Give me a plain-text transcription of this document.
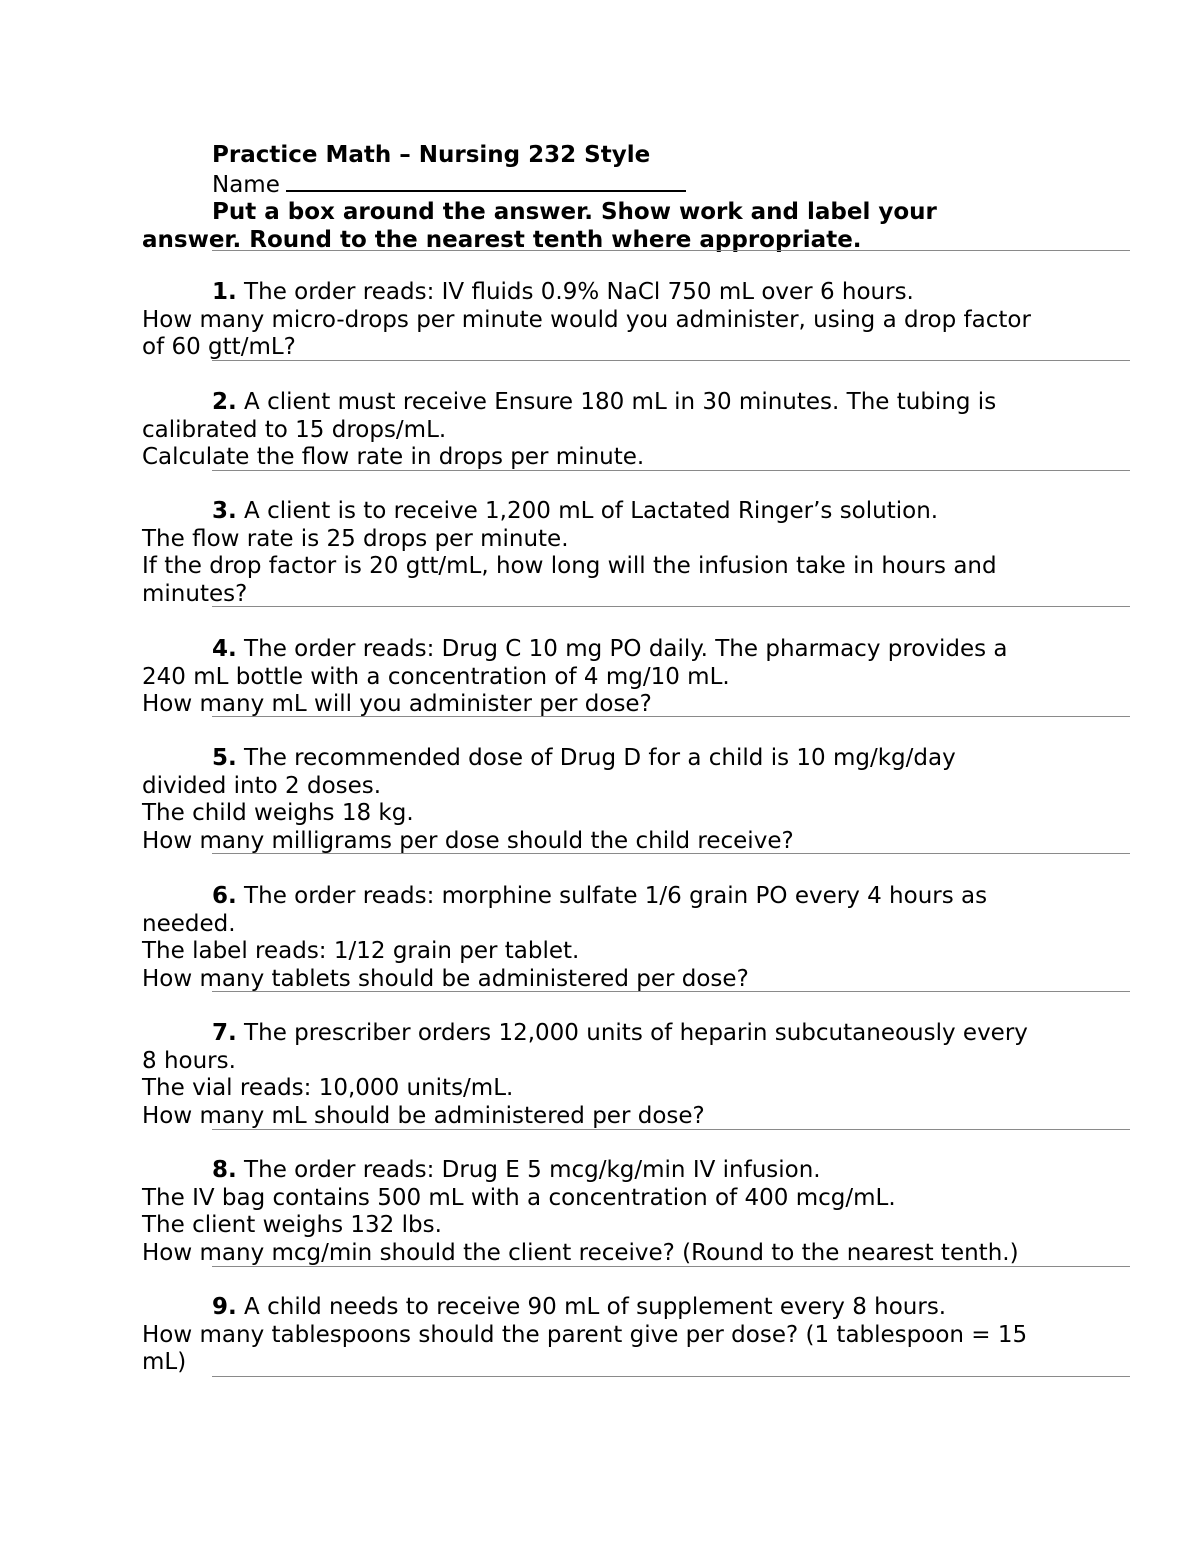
Practice Math – Nursing 232 Style
Name
Put a box around the answer. Show work and label your
answer. Round to the nearest tenth where appropriate.
1. The order reads: IV fluids 0.9% NaCl 750 mL over 6 hours.
How many micro-drops per minute would you administer, using a drop factor
of 60 gtt/mL?
2. A client must receive Ensure 180 mL in 30 minutes. The tubing is
calibrated to 15 drops/mL.
Calculate the flow rate in drops per minute.
3. A client is to receive 1,200 mL of Lactated Ringer’s solution.
The flow rate is 25 drops per minute.
If the drop factor is 20 gtt/mL, how long will the infusion take in hours and
minutes?
4. The order reads: Drug C 10 mg PO daily. The pharmacy provides a
240 mL bottle with a concentration of 4 mg/10 mL.
How many mL will you administer per dose?
5. The recommended dose of Drug D for a child is 10 mg/kg/day
divided into 2 doses.
The child weighs 18 kg.
How many milligrams per dose should the child receive?
6. The order reads: morphine sulfate 1/6 grain PO every 4 hours as
needed.
The label reads: 1/12 grain per tablet.
How many tablets should be administered per dose?
7. The prescriber orders 12,000 units of heparin subcutaneously every
8 hours.
The vial reads: 10,000 units/mL.
How many mL should be administered per dose?
8. The order reads: Drug E 5 mcg/kg/min IV infusion.
The IV bag contains 500 mL with a concentration of 400 mcg/mL.
The client weighs 132 lbs.
How many mcg/min should the client receive? (Round to the nearest tenth.)
9. A child needs to receive 90 mL of supplement every 8 hours.
How many tablespoons should the parent give per dose? (1 tablespoon = 15
mL)
